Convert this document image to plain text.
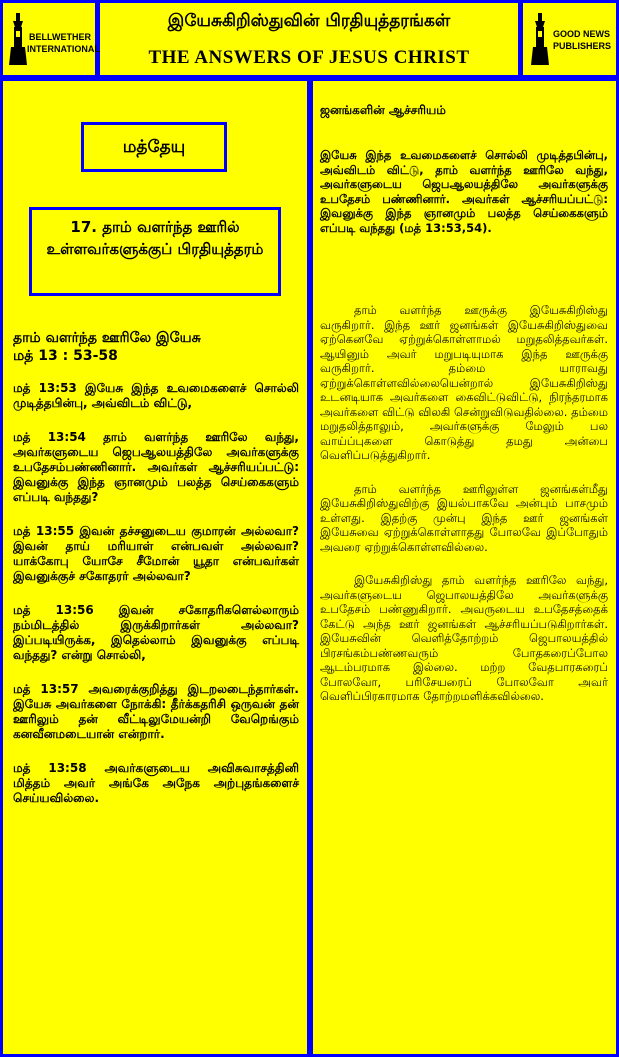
BELLWETHER
INTERNATIONAL
இயேசுகிறிஸ்துவின் பிரதியுத்தரங்கள்
THE ANSWERS OF JESUS CHRIST
GOOD NEWS
PUBLISHERS
மத்தேயு
17. தாம் வளர்ந்த ஊரில் உள்ளவர்களுக்குப் பிரதியுத்தரம்
தாம் வளர்ந்த ஊரிலே இயேசு
மத் 13 : 53-58

மத் 13:53 இயேசு இந்த உவமைகளைச் சொல்லி முடித்தபின்பு, அவ்விடம் விட்டு,

மத் 13:54 தாம் வளர்ந்த ஊரிலே வந்து, அவர்களுடைய ஜெபஆலயத்திலே அவர்களுக்கு உபதேசம்பண்ணினார். அவர்கள் ஆச்சரியப்பட்டு: இவனுக்கு இந்த ஞானமும் பலத்த செய்கைகளும் எப்படி வந்தது?

மத் 13:55 இவன் தச்சனுடைய குமாரன் அல்லவா? இவன் தாய் மரியாள் என்பவள் அல்லவா? யாக்கோபு யோசே சீமோன் யூதா என்பவர்கள் இவனுக்குச் சகோதரர் அல்லவா?

மத் 13:56 இவன் சகோதரிகளெல்லாரும் நம்மிடத்தில் இருக்கிறார்கள் அல்லவா? இப்படியிருக்க, இதெல்லாம் இவனுக்கு எப்படி வந்தது? என்று சொல்லி,

மத் 13:57 அவரைக்குறித்து இடறலடைந்தார்கள். இயேசு அவர்களை நோக்கி: தீர்க்கதரிசி ஒருவன் தன் ஊரிலும் தன் வீட்டிலுமேயன்றி வேறெங்கும் கனவீனமடையான் என்றார்.

மத் 13:58 அவர்களுடைய அவிசுவாசத்தினி மித்தம் அவர் அங்கே அநேக அற்புதங்களைச் செய்யவில்லை.

ஜனங்களின் ஆச்சரியம்
இயேசு இந்த உவமைகளைச் சொல்லி முடித்தபின்பு, அவ்விடம் விட்டு, தாம் வளர்ந்த ஊரிலே வந்து, அவர்களுடைய ஜெபஆலயத்திலே அவர்களுக்கு உபதேசம் பண்ணினார். அவர்கள் ஆச்சரியப்பட்டு: இவனுக்கு இந்த ஞானமும் பலத்த செய்கைகளும் எப்படி வந்தது (மத் 13:53,54).

தாம் வளர்ந்த ஊருக்கு இயேசுகிறிஸ்து வருகிறார். இந்த ஊர் ஜனங்கள் இயேசுகிறிஸ்துவை ஏற்கெனவே ஏற்றுக்கொள்ளாமல் மறுதலித்தவர்கள். ஆயினும் அவர் மறுபடியுமாக இந்த ஊருக்கு வருகிறார். தம்மை யாராவது ஏற்றுக்கொள்ளவில்லையென்றால் இயேசுகிறிஸ்து உடனடியாக அவர்களை கைவிட்டுவிட்டு, நிரந்தரமாக அவர்களை விட்டு விலகி சென்றுவிடுவதில்லை. தம்மை மறுதலித்தாலும், அவர்களுக்கு மேலும் பல வாய்ப்புகளை கொடுத்து தமது அன்பை வெளிப்படுத்துகிறார்.

தாம் வளர்ந்த ஊரிலுள்ள ஜனங்கள்மீது இயேசுகிறிஸ்துவிற்கு இயல்பாகவே அன்பும் பாசமும் உள்ளது. இதற்கு முன்பு இந்த ஊர் ஜனங்கள் இயேசுவை ஏற்றுக்கொள்ளாதது போலவே இப்போதும் அவரை ஏற்றுக்கொள்ளவில்லை.

இயேசுகிறிஸ்து தாம் வளர்ந்த ஊரிலே வந்து, அவர்களுடைய ஜெபாலயத்திலே அவர்களுக்கு உபதேசம் பண்ணுகிறார். அவருடைய உபதேசத்தைக் கேட்டு அந்த ஊர் ஜனங்கள் ஆச்சரியப்படுகிறார்கள். இயேசுவின் வெளித்தோற்றம் ஜெபாலயத்தில் பிரசங்கம்பண்ணவரும் போதகரைப்போல ஆடம்பரமாக இல்லை. மற்ற வேதபாரகரைப் போலவோ, பரிசேயரைப் போலவோ அவர் வெளிப்பிரகாரமாக தோற்றமளிக்கவில்லை.
